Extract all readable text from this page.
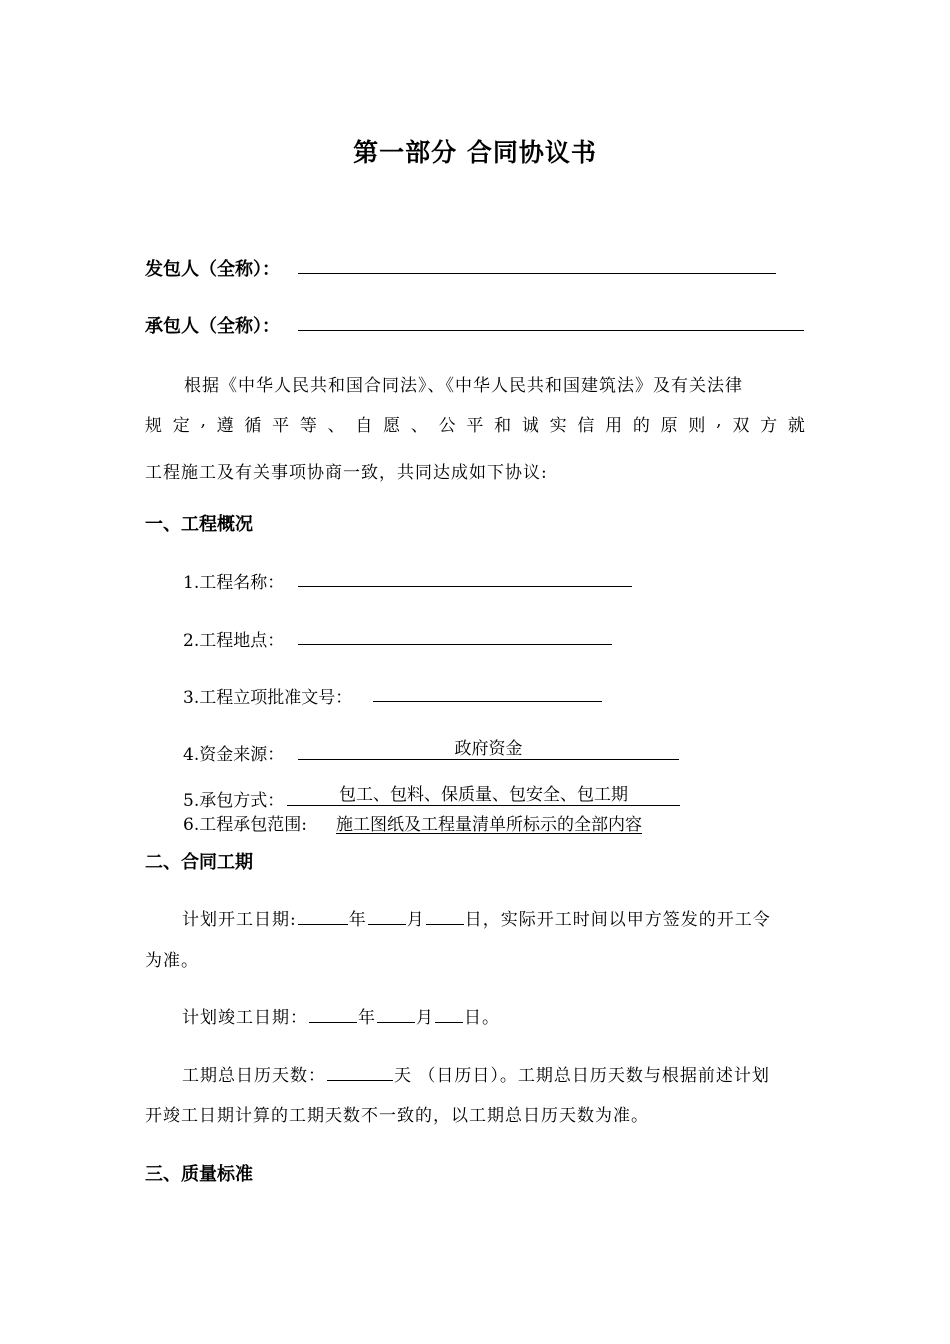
第一部分 合同协议书
发包人（全称）：
承包人（全称）：
根据《中华人民共和国合同法》、《中华人民共和国建筑法》及有关法律
规 定 , 遵 循 平 等 、 自 愿 、 公 平 和 诚 实 信 用 的 原 则 , 双 方 就
工程施工及有关事项协商一致，共同达成如下协议:
一、工程概况
1.工程名称：
2.工程地点：
3.工程立项批准文号：
4.资金来源：	政府资金
5.承包方式：	包工、包料、保质量、包安全、包工期
6.工程承包范围: 施工图纸及工程量清单所标示的全部内容
二、合同工期
计划开工日期:	年 月 日，实际开工时间以甲方签发的开工令
为准。
计划竣工日期：	年 月 日。
工期总日历天数：	天 （日历日）。工期总日历天数与根据前述计划
开竣工日期计算的工期天数不一致的，以工期总日历天数为准。
三、质量标准
